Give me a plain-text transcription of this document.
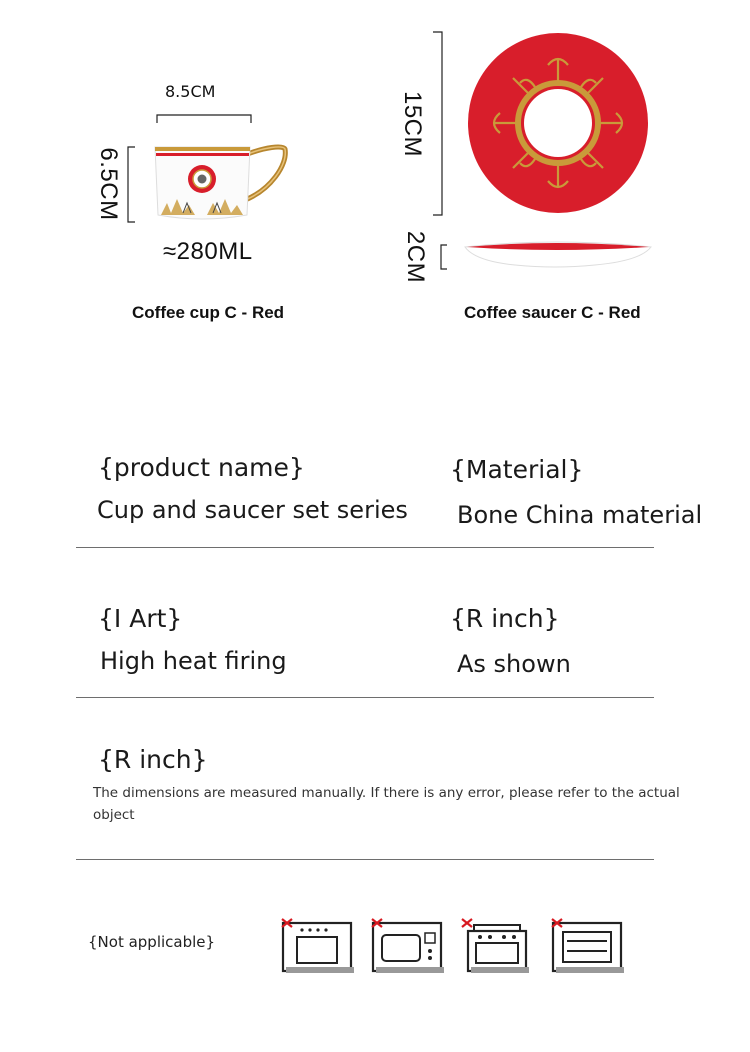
8.5CM
6.5CM
≈280ML
Coffee cup C - Red
15CM
2CM
Coffee saucer C - Red
{product name}
Cup and saucer set series
{Material}
Bone China material
{I Art}
High heat firing
{R inch}
As shown
{R inch}
The dimensions are measured manually. If there is any error, please refer to the actual object
{Not applicable}
